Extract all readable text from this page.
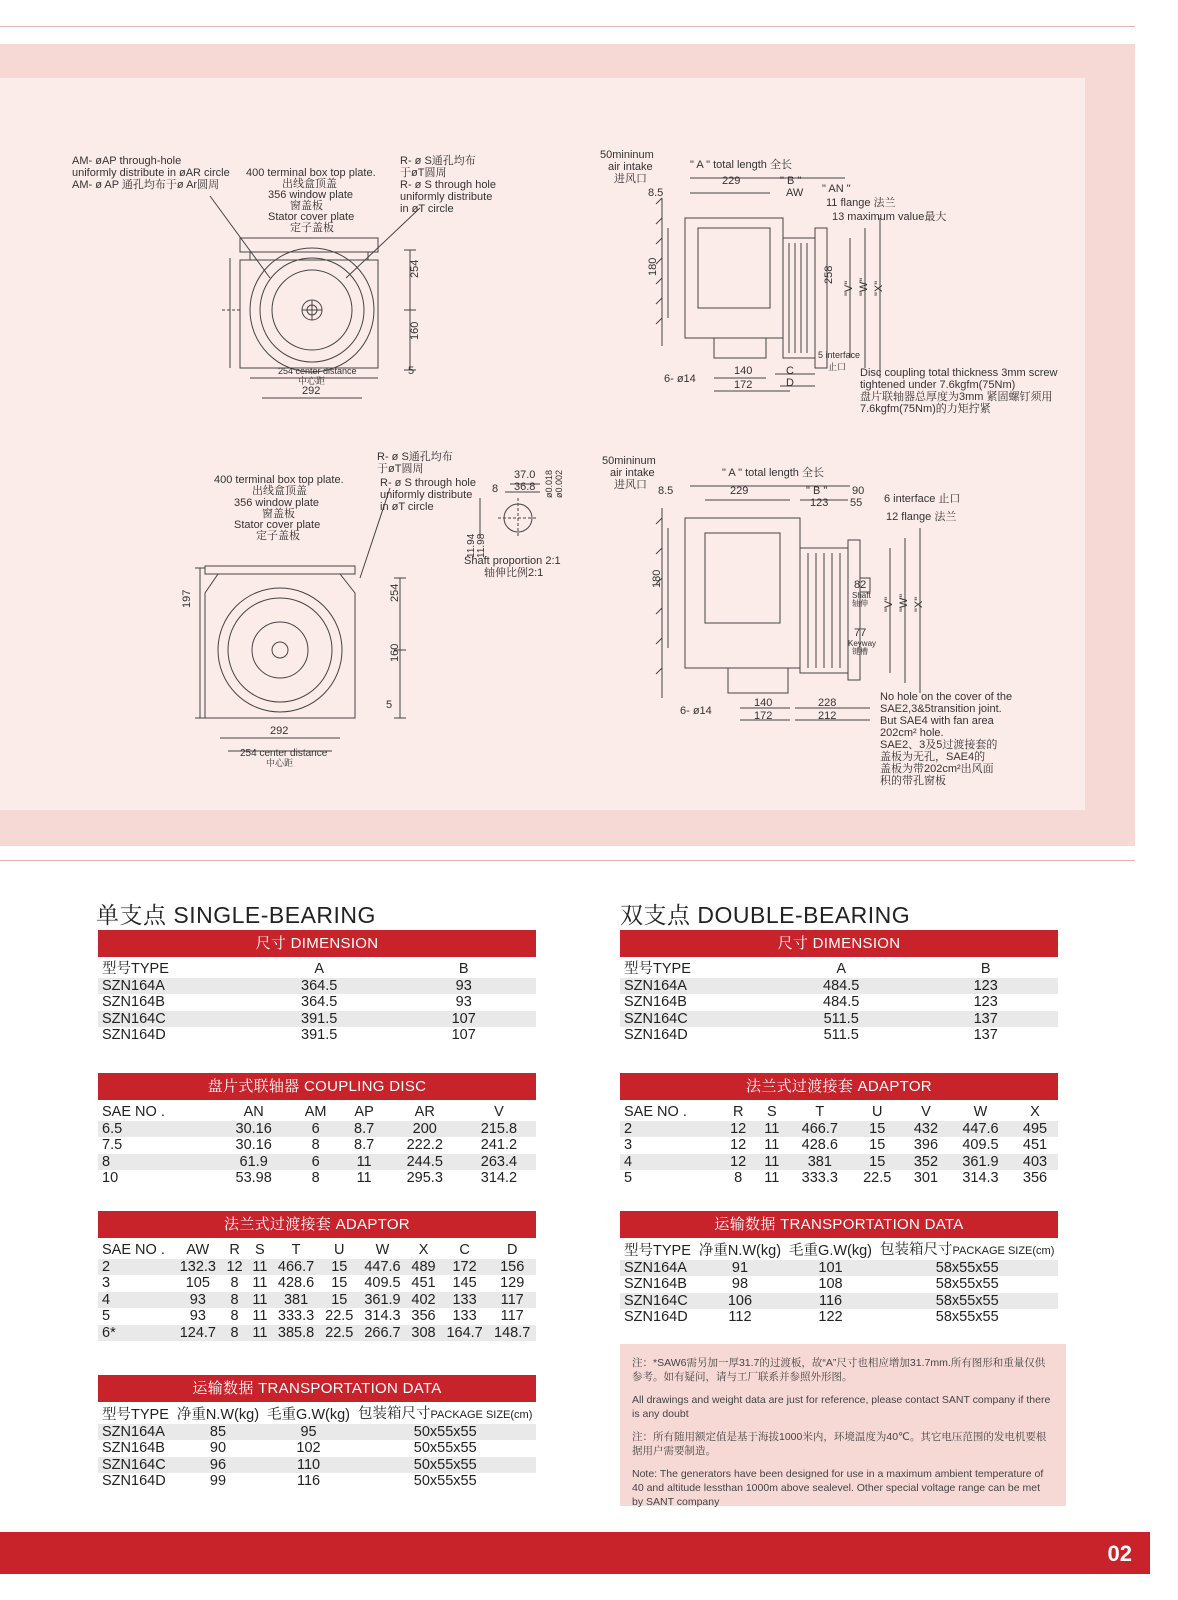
AM- øAP through-hole
uniformly distribute in øAR circle
AM- ø AP 通孔均布于ø Ar圆周
400 terminal box top plate.
出线盒顶盖
356 window plate
窗盖板
Stator cover plate
定子盖板
R- ø S通孔均布
于øT圆周
R- ø S through hole
uniformly distribute
in øT circle
254
160
5
254 center distance
中心距
292
50mininum
air intake
进风口
" A " total length 全长
229	" B "
AW " AN "
11 flange 法兰
13 maximum value最大
8.5
180	258
"V" "W" "X"
5 interface
止口
6- ø14
140
172
C
D
Disc coupling total thickness 3mm screw
tightened under 7.6kgfm(75Nm)
盘片联轴器总厚度为3mm 紧固螺钉须用
7.6kgfm(75Nm)的力矩拧紧
400 terminal box top plate.
出线盒顶盖
356 window plate
窗盖板
Stator cover plate
定子盖板
R- ø S通孔均布
于øT圆周
R- ø S through hole
uniformly distribute
in øT circle
197	254
160
5
292
254 center distance
中心距
37.0
36.8
8	ø0.018 ø0.002
11.94 11.98
Shaft proportion 2:1
轴伸比例2:1
50mininum
air intake
进风口
" A " total length 全长
8.5	229	" B " 90
123 55 6 interface 止口
12 flange 法兰
180
"V" "W" "X"
82
Shaft
轴伸
77
Keyway
键槽
6- ø14
140
172
228
212
No hole on the cover of the
SAE2,3&5transition joint.
But SAE4 with fan area
202cm² hole.
SAE2、3及5过渡接套的
盖板为无孔，SAE4的
盖板为带202cm²出风面
积的带孔窗板
单支点 SINGLE-BEARING
尺寸 DIMENSION
型号TYPE	A	B
SZN164A	364.5	93
SZN164B	364.5	93
SZN164C	391.5	107
SZN164D	391.5	107
盘片式联轴器 COUPLING DISC
SAE NO .	AN	AM	AP	AR	V
6.5	30.16	6	8.7	200	215.8
7.5	30.16	8	8.7	222.2	241.2
8	61.9	6	11	244.5	263.4
10	53.98	8	11	295.3	314.2
法兰式过渡接套 ADAPTOR
SAE NO .	AW	R	S	T	U	W	X	C	D
2	132.3	12	11	466.7	15	447.6	489	172	156
3	105	8	11	428.6	15	409.5	451	145	129
4	93	8	11	381	15	361.9	402	133	117
5	93	8	11	333.3	22.5	314.3	356	133	117
6*	124.7	8	11	385.8	22.5	266.7	308	164.7	148.7
运输数据 TRANSPORTATION DATA
型号TYPE	净重N.W(kg)	毛重G.W(kg)	包装箱尺寸PACKAGE SIZE(cm)
SZN164A	85	95	50x55x55
SZN164B	90	102	50x55x55
SZN164C	96	110	50x55x55
SZN164D	99	116	50x55x55
双支点 DOUBLE-BEARING
尺寸 DIMENSION
型号TYPE	A	B
SZN164A	484.5	123
SZN164B	484.5	123
SZN164C	511.5	137
SZN164D	511.5	137
法兰式过渡接套 ADAPTOR
SAE NO .	R	S	T	U	V	W	X
2	12	11	466.7	15	432	447.6	495
3	12	11	428.6	15	396	409.5	451
4	12	11	381	15	352	361.9	403
5	8	11	333.3	22.5	301	314.3	356
运输数据 TRANSPORTATION DATA
型号TYPE	净重N.W(kg)	毛重G.W(kg)	包装箱尺寸PACKAGE SIZE(cm)
SZN164A	91	101	58x55x55
SZN164B	98	108	58x55x55
SZN164C	106	116	58x55x55
SZN164D	112	122	58x55x55

注：*SAW6需另加一厚31.7的过渡板，故“A”尺寸也相应增加31.7mm.所有图形和重量仅供参考。如有疑问，请与工厂联系并参照外形图。

All drawings and weight data are just for reference, please contact SANT company if there is any doubt

注：所有随用额定值是基于海拔1000米内，环境温度为40℃。其它电压范围的发电机要根据用户需要制造。

Note: The generators have been designed for use in a maximum ambient temperature of 40 and altitude lessthan 1000m above sealevel. Other special voltage range can be met by SANT company

02
